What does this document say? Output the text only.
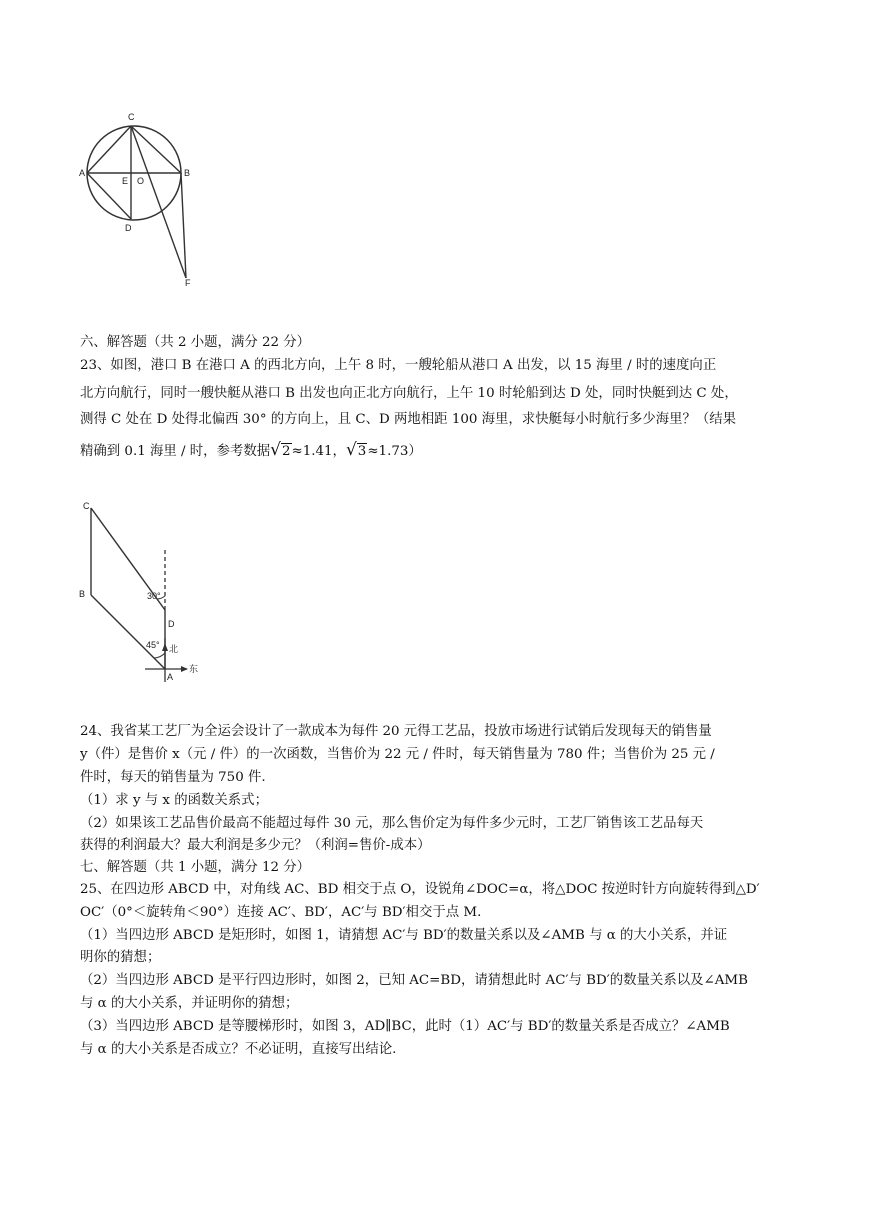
C
A	B
E O
D
F
六、解答题（共 2 小题，满分 22 分）
23、如图，港口 B 在港口 A 的西北方向，上午 8 时，一艘轮船从港口 A 出发，以 15 海里 / 时的速度向正
北方向航行，同时一艘快艇从港口 B 出发也向正北方向航行，上午 10 时轮船到达 D 处，同时快艇到达 C 处，
测得 C 处在 D 处得北偏西 30° 的方向上，且 C、D 两地相距 100 海里，求快艇每小时航行多少海里？（结果
精确到 0.1 海里 / 时，参考数据√2≈1.41，√3≈1.73）
C
B	30°
D
45° 北
东
A
24、我省某工艺厂为全运会设计了一款成本为每件 20 元得工艺品，投放市场进行试销后发现每天的销售量
y（件）是售价 x（元 / 件）的一次函数，当售价为 22 元 / 件时，每天销售量为 780 件；当售价为 25 元 /
件时，每天的销售量为 750 件.
（1）求 y 与 x 的函数关系式；
（2）如果该工艺品售价最高不能超过每件 30 元，那么售价定为每件多少元时，工艺厂销售该工艺品每天
获得的利润最大？最大利润是多少元？（利润=售价-成本）
七、解答题（共 1 小题，满分 12 分）
25、在四边形 ABCD 中，对角线 AC、BD 相交于点 O，设锐角∠DOC=α，将△DOC 按逆时针方向旋转得到△D′
OC′（0°＜旋转角＜90°）连接 AC′、BD′，AC′与 BD′相交于点 M.
（1）当四边形 ABCD 是矩形时，如图 1，请猜想 AC′与 BD′的数量关系以及∠AMB 与 α 的大小关系，并证
明你的猜想；
（2）当四边形 ABCD 是平行四边形时，如图 2，已知 AC=BD，请猜想此时 AC′与 BD′的数量关系以及∠AMB
与 α 的大小关系，并证明你的猜想；
（3）当四边形 ABCD 是等腰梯形时，如图 3，AD∥BC，此时（1）AC′与 BD′的数量关系是否成立？∠AMB
与 α 的大小关系是否成立？不必证明，直接写出结论.
